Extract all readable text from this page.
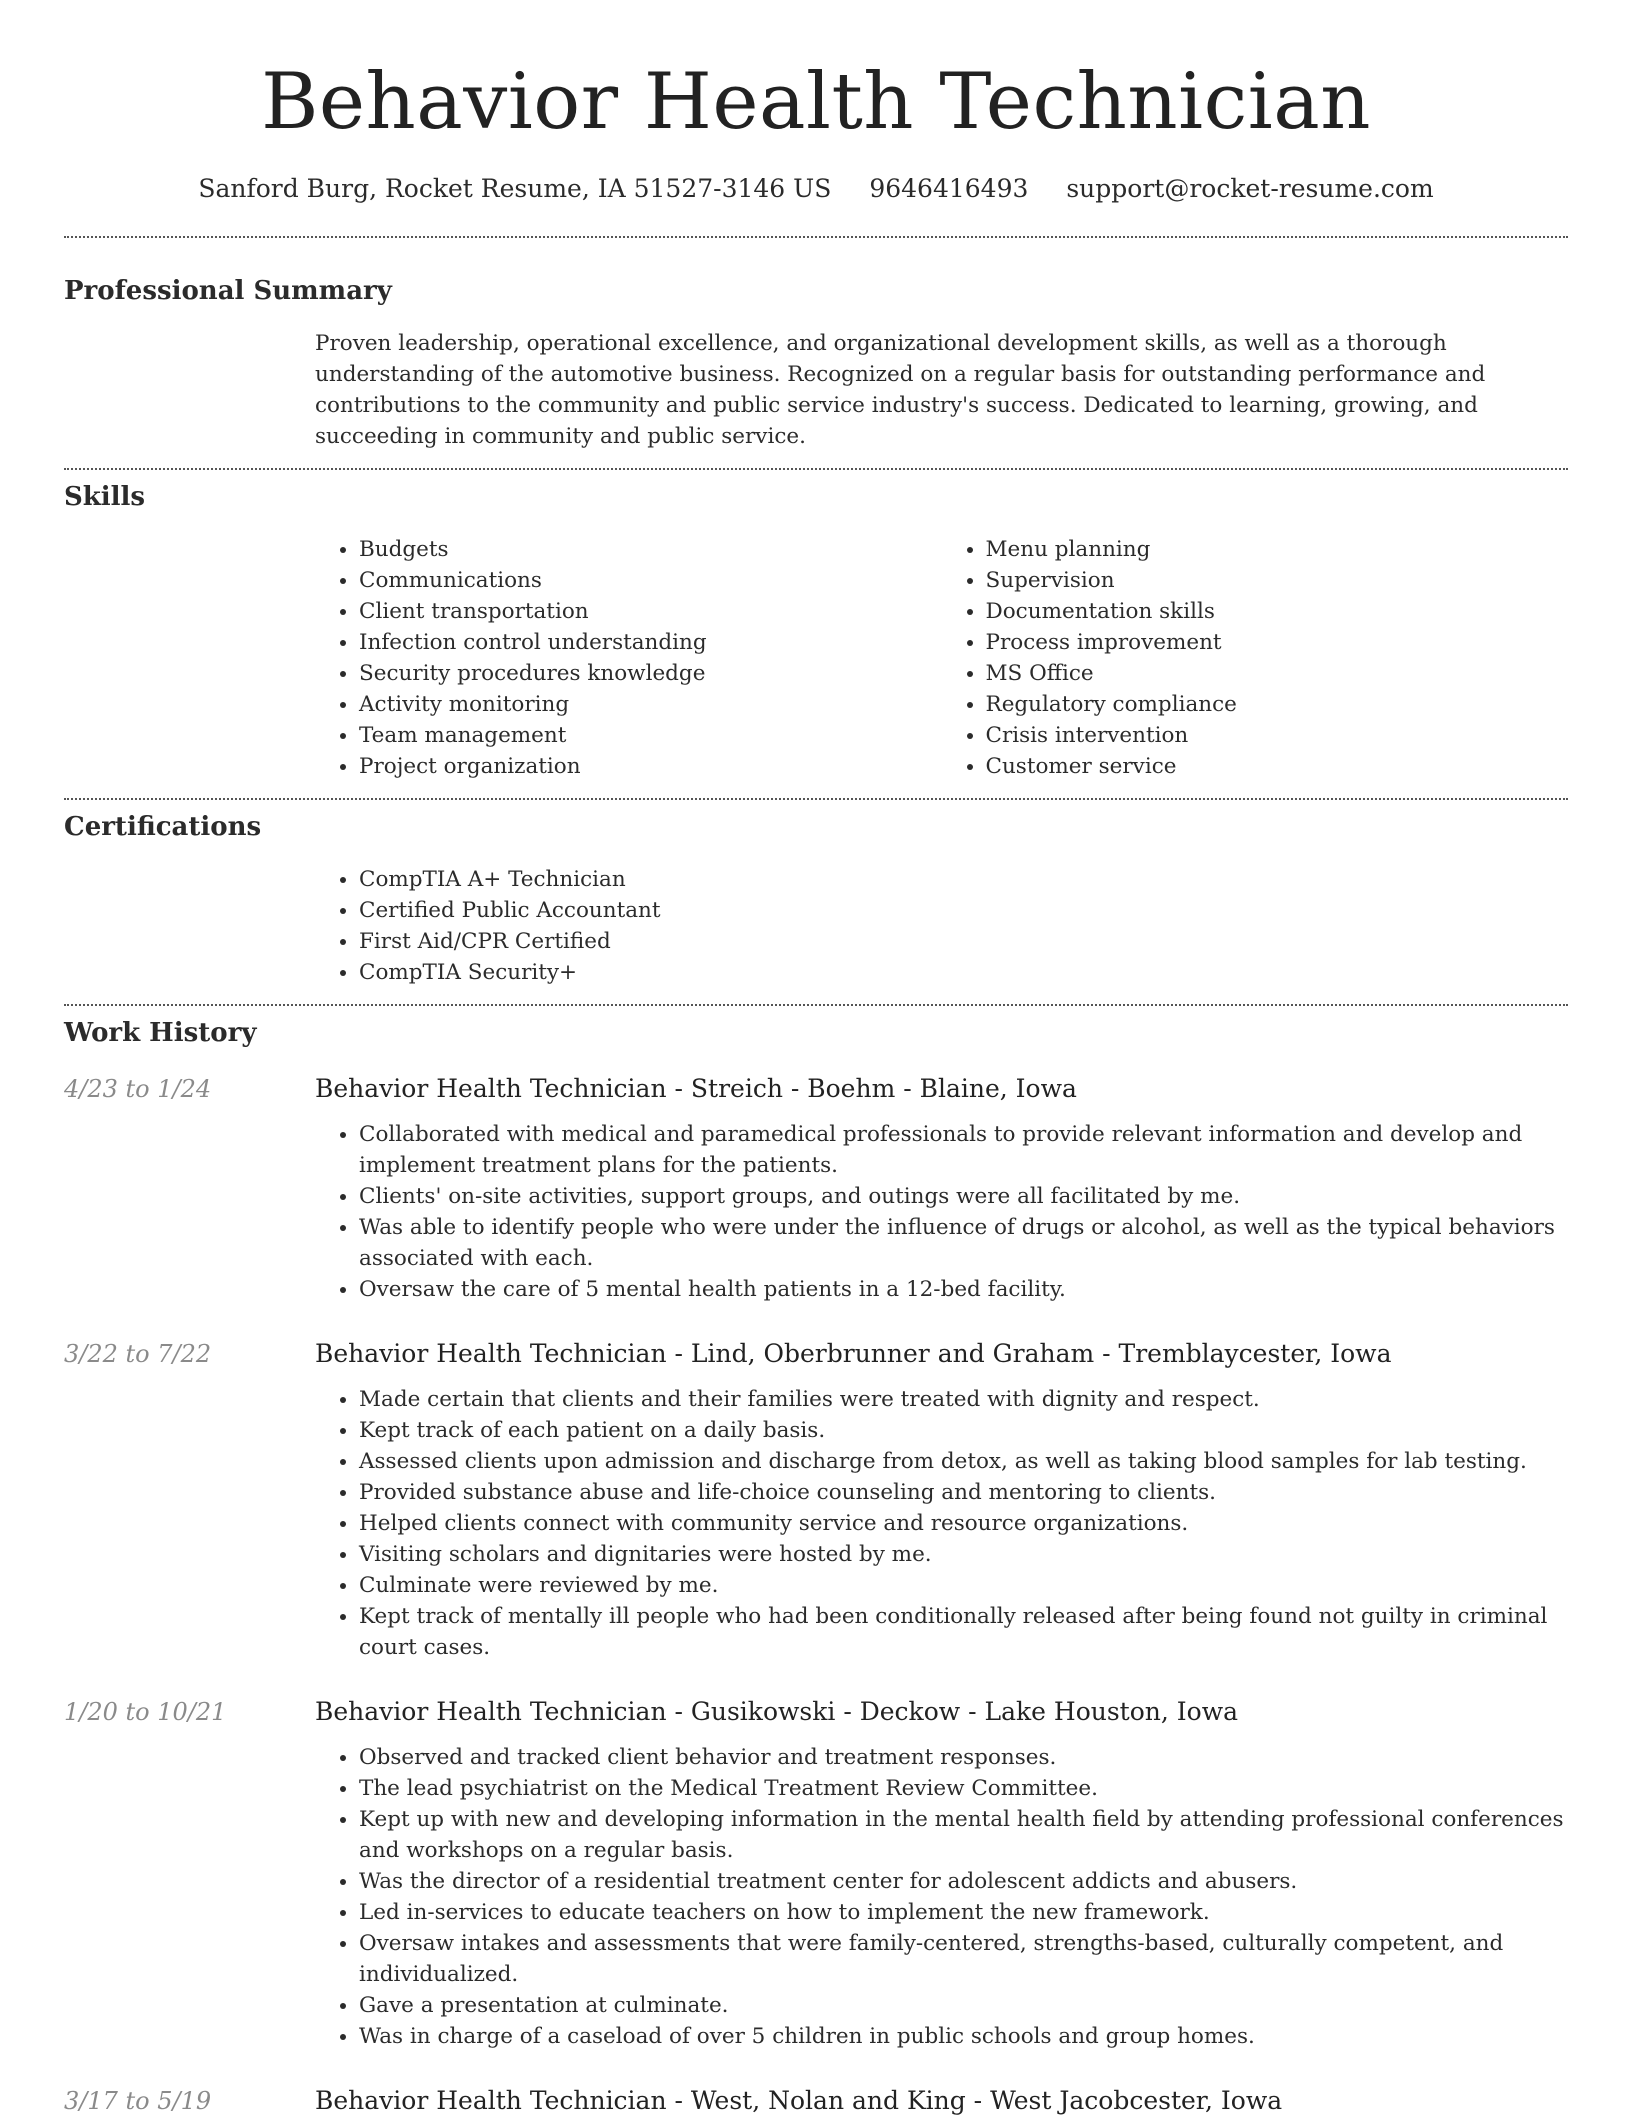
Behavior Health Technician
Sanford Burg, Rocket Resume, IA 51527-3146 US 9646416493 support@rocket-resume.com
Professional Summary

Proven leadership, operational excellence, and organizational development skills, as well as a thorough understanding of the automotive business. Recognized on a regular basis for outstanding performance and contributions to the community and public service industry's success. Dedicated to learning, growing, and succeeding in community and public service.

Skills
• Budgets
• Communications
• Client transportation
• Infection control understanding
• Security procedures knowledge
• Activity monitoring
• Team management
• Project organization
• Menu planning
• Supervision
• Documentation skills
• Process improvement
• MS Office
• Regulatory compliance
• Crisis intervention
• Customer service
Certifications
• CompTIA A+ Technician
• Certified Public Accountant
• First Aid/CPR Certified
• CompTIA Security+
Work History
4/23 to 1/24	Behavior Health Technician - Streich - Boehm - Blaine, Iowa
• Collaborated with medical and paramedical professionals to provide relevant information and develop and implement treatment plans for the patients.
• Clients' on-site activities, support groups, and outings were all facilitated by me.
• Was able to identify people who were under the influence of drugs or alcohol, as well as the typical behaviors associated with each.
• Oversaw the care of 5 mental health patients in a 12-bed facility.
3/22 to 7/22	Behavior Health Technician - Lind, Oberbrunner and Graham - Tremblaycester, Iowa
• Made certain that clients and their families were treated with dignity and respect.
• Kept track of each patient on a daily basis.
• Assessed clients upon admission and discharge from detox, as well as taking blood samples for lab testing.
• Provided substance abuse and life-choice counseling and mentoring to clients.
• Helped clients connect with community service and resource organizations.
• Visiting scholars and dignitaries were hosted by me.
• Culminate were reviewed by me.
• Kept track of mentally ill people who had been conditionally released after being found not guilty in criminal court cases.
1/20 to 10/21	Behavior Health Technician - Gusikowski - Deckow - Lake Houston, Iowa
• Observed and tracked client behavior and treatment responses.
• The lead psychiatrist on the Medical Treatment Review Committee.
• Kept up with new and developing information in the mental health field by attending professional conferences and workshops on a regular basis.
• Was the director of a residential treatment center for adolescent addicts and abusers.
• Led in-services to educate teachers on how to implement the new framework.
• Oversaw intakes and assessments that were family-centered, strengths-based, culturally competent, and individualized.
• Gave a presentation at culminate.
• Was in charge of a caseload of over 5 children in public schools and group homes.
3/17 to 5/19	Behavior Health Technician - West, Nolan and King - West Jacobcester, Iowa
